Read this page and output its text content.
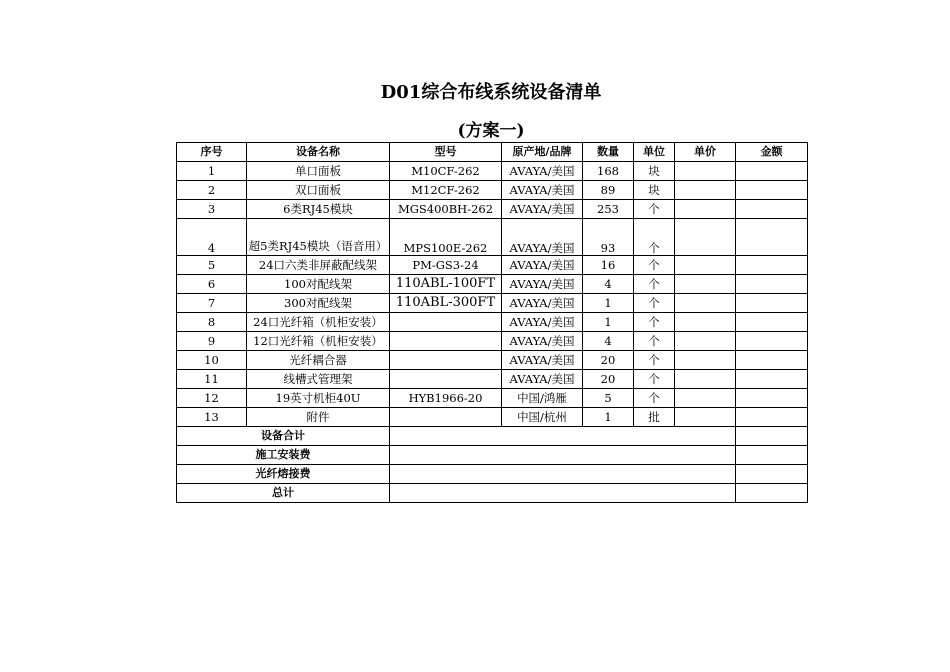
D01综合布线系统设备清单
(方案一)
序号	设备名称	型号	原产地/品牌	数量	单位	单价	金额
1	单口面板	M10CF-262	AVAYA/美国	168	块		
2	双口面板	M12CF-262	AVAYA/美国	89	块		
3	6类RJ45模块	MGS400BH-262	AVAYA/美国	253	个		
4	超5类RJ45模块（语音用）	MPS100E-262	AVAYA/美国	93	个		
5	24口六类非屏蔽配线架	PM-GS3-24	AVAYA/美国	16	个		
6	100对配线架	110ABL-100FT	AVAYA/美国	4	个		
7	300对配线架	110ABL-300FT	AVAYA/美国	1	个		
8	24口光纤箱（机柜安装）		AVAYA/美国	1	个		
9	12口光纤箱（机柜安装）		AVAYA/美国	4	个		
10	光纤耦合器		AVAYA/美国	20	个		
11	线槽式管理架		AVAYA/美国	20	个		
12	19英寸机柜40U	HYB1966-20	中国/鸿雁	5	个		
13	附件		中国/杭州	1	批		
设备合计							
施工安装费							
光纤熔接费							
总计							
